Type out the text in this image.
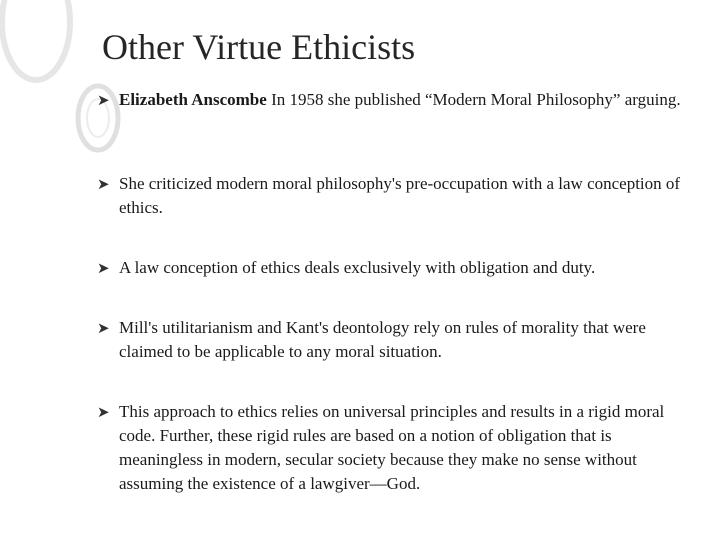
Other Virtue Ethicists
➤ Elizabeth Anscombe In 1958 she published “Modern Moral Philosophy” arguing.
➤ She criticized modern moral philosophy's pre-occupation with a law conception of ethics.
➤ A law conception of ethics deals exclusively with obligation and duty.
➤ Mill's utilitarianism and Kant's deontology rely on rules of morality that were claimed to be applicable to any moral situation.
➤ This approach to ethics relies on universal principles and results in a rigid moral code. Further, these rigid rules are based on a notion of obligation that is meaningless in modern, secular society because they make no sense without assuming the existence of a lawgiver—God.
